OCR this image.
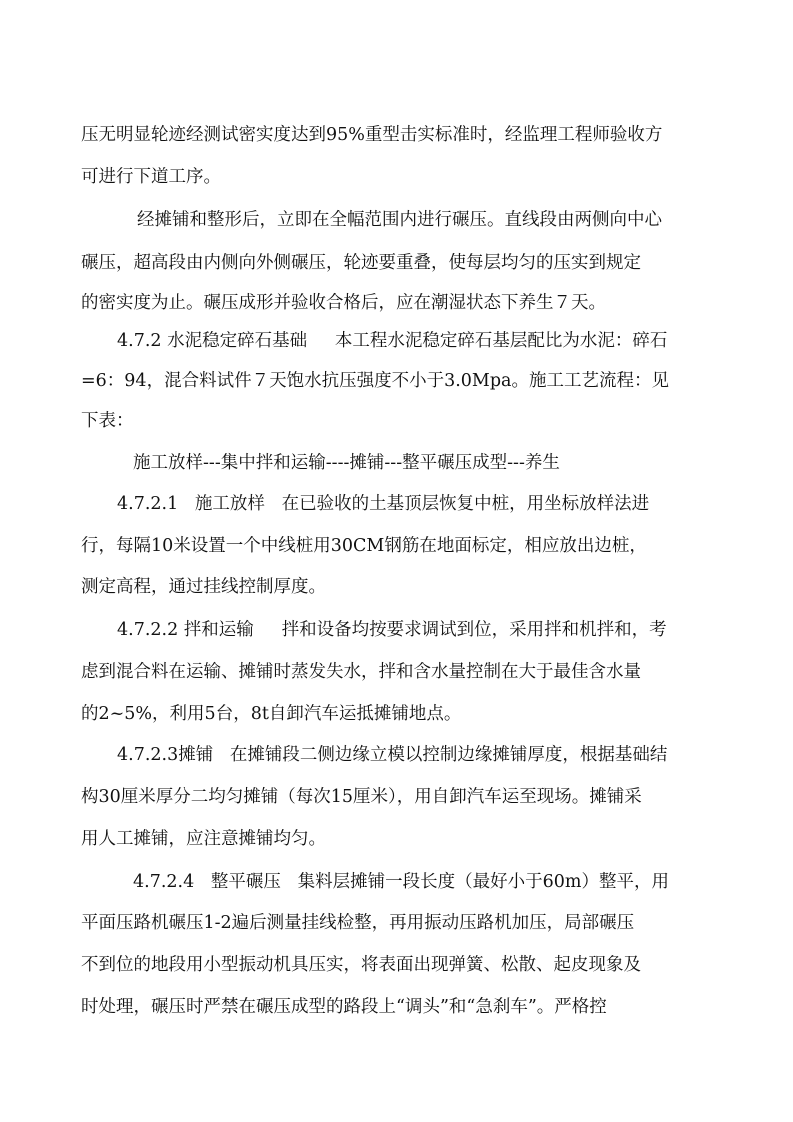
压无明显轮迹经测试密实度达到95%重型击实标准时，经监理工程师验收方
可进行下道工序。
经摊铺和整形后，立即在全幅范围内进行碾压。直线段由两侧向中心
碾压，超高段由内侧向外侧碾压，轮迹要重叠，使每层均匀的压实到规定
的密实度为止。碾压成形并验收合格后，应在潮湿状态下养生７天。
4.7.2 水泥稳定碎石基础     本工程水泥稳定碎石基层配比为水泥：碎石
=6：94，混合料试件７天饱水抗压强度不小于3.0Mpa。施工工艺流程：见
下表：
施工放样---集中拌和运输----摊铺---整平碾压成型---养生
4.7.2.1   施工放样   在已验收的土基顶层恢复中桩，用坐标放样法进
行，每隔10米设置一个中线桩用30CM钢筋在地面标定，相应放出边桩，
测定高程，通过挂线控制厚度。
4.7.2.2 拌和运输     拌和设备均按要求调试到位，采用拌和机拌和，考
虑到混合料在运输、摊铺时蒸发失水，拌和含水量控制在大于最佳含水量
的2~5%，利用5台，8t自卸汽车运抵摊铺地点。
4.7.2.3摊铺   在摊铺段二侧边缘立模以控制边缘摊铺厚度，根据基础结
构30厘米厚分二均匀摊铺（每次15厘米），用自卸汽车运至现场。摊铺采
用人工摊铺，应注意摊铺均匀。
4.7.2.4   整平碾压   集料层摊铺一段长度（最好小于60m）整平，用
平面压路机碾压1-2遍后测量挂线检整，再用振动压路机加压，局部碾压
不到位的地段用小型振动机具压实，将表面出现弹簧、松散、起皮现象及
时处理，碾压时严禁在碾压成型的路段上“调头”和“急刹车”。严格控
